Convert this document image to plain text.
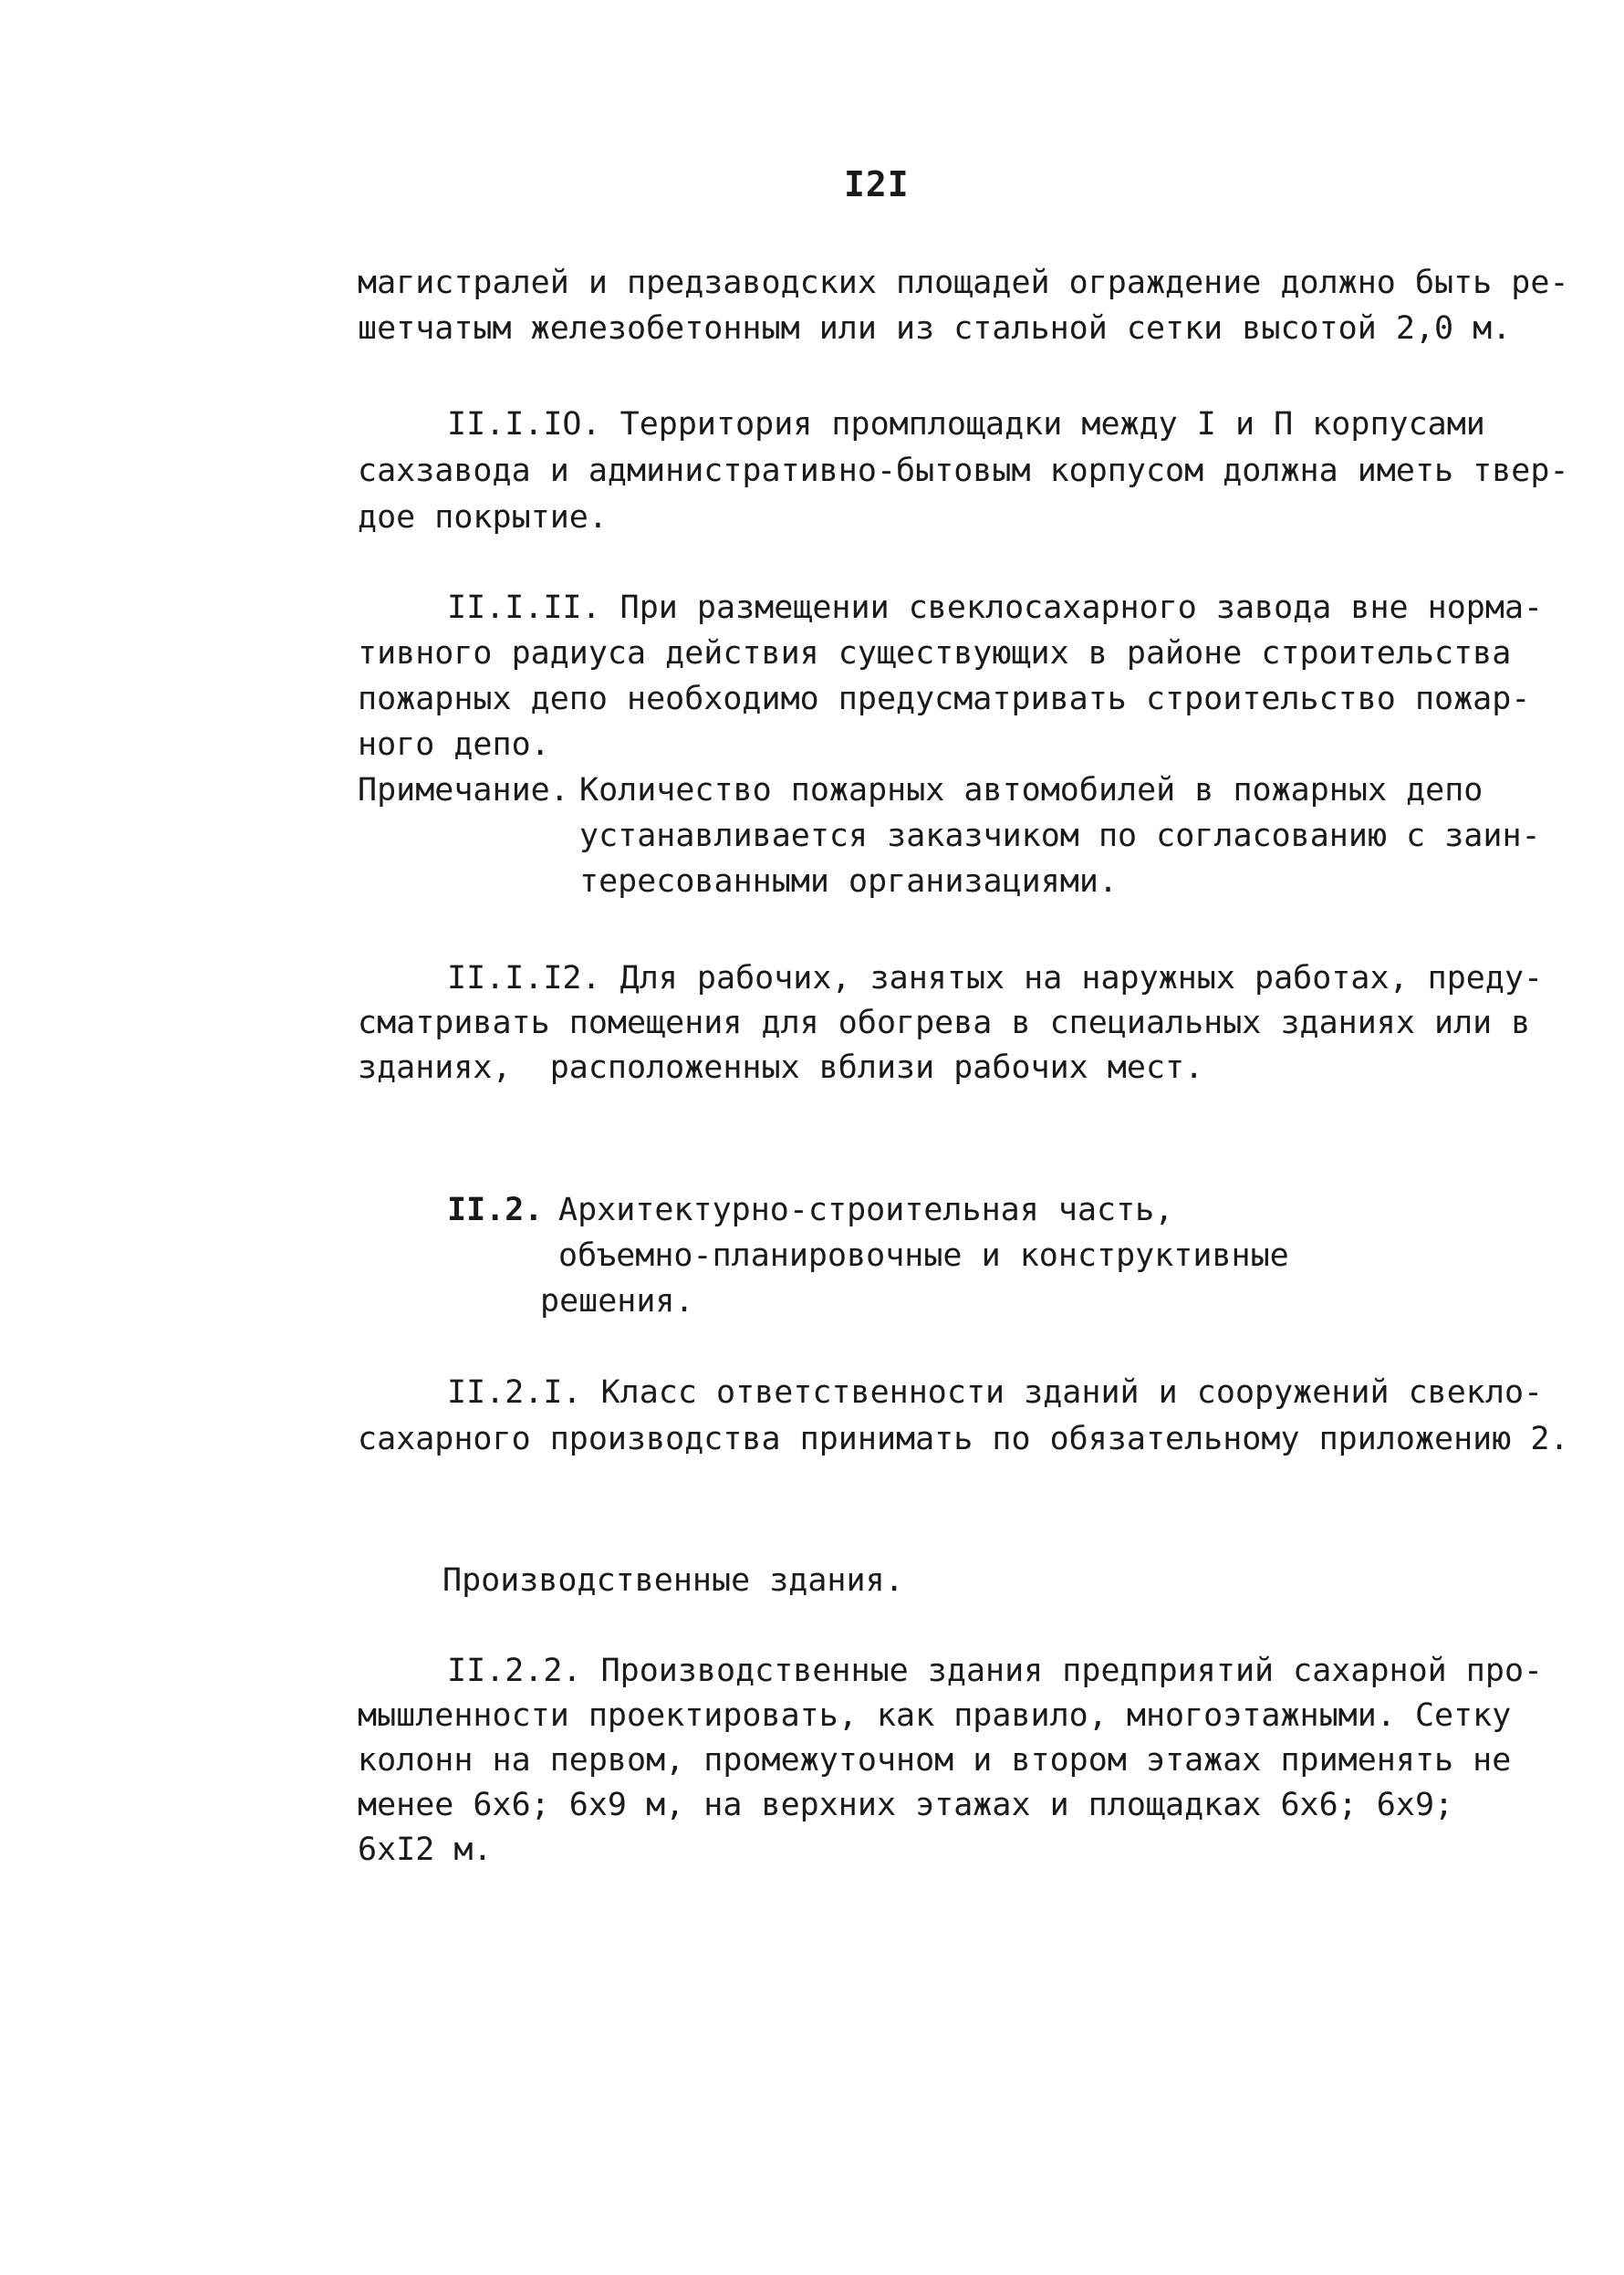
I2I
магистралей и предзаводских площадей ограждение должно быть ре-
шетчатым железобетонным или из стальной сетки высотой 2,0 м.
II.I.IO. Территория промплощадки между I и П корпусами
сахзавода и административно-бытовым корпусом должна иметь твер-
дое покрытие.
II.I.II. При размещении свеклосахарного завода вне норма-
тивного радиуса действия существующих в районе строительства
пожарных депо необходимо предусматривать строительство пожар-
ного депо.
Примечание. Количество пожарных автомобилей в пожарных депо
устанавливается заказчиком по согласованию с заин-
тересованными организациями.
II.I.I2. Для рабочих, занятых на наружных работах, преду-
сматривать помещения для обогрева в специальных зданиях или в
зданиях,  расположенных вблизи рабочих мест.
II.2. Архитектурно-строительная часть,
объемно-планировочные и конструктивные
решения.
II.2.I. Класс ответственности зданий и сооружений свекло-
сахарного производства принимать по обязательному приложению 2.
Производственные здания.
II.2.2. Производственные здания предприятий сахарной про-
мышленности проектировать, как правило, многоэтажными. Сетку
колонн на первом, промежуточном и втором этажах применять не
менее 6х6; 6х9 м, на верхних этажах и площадках 6х6; 6х9;
6хI2 м.
